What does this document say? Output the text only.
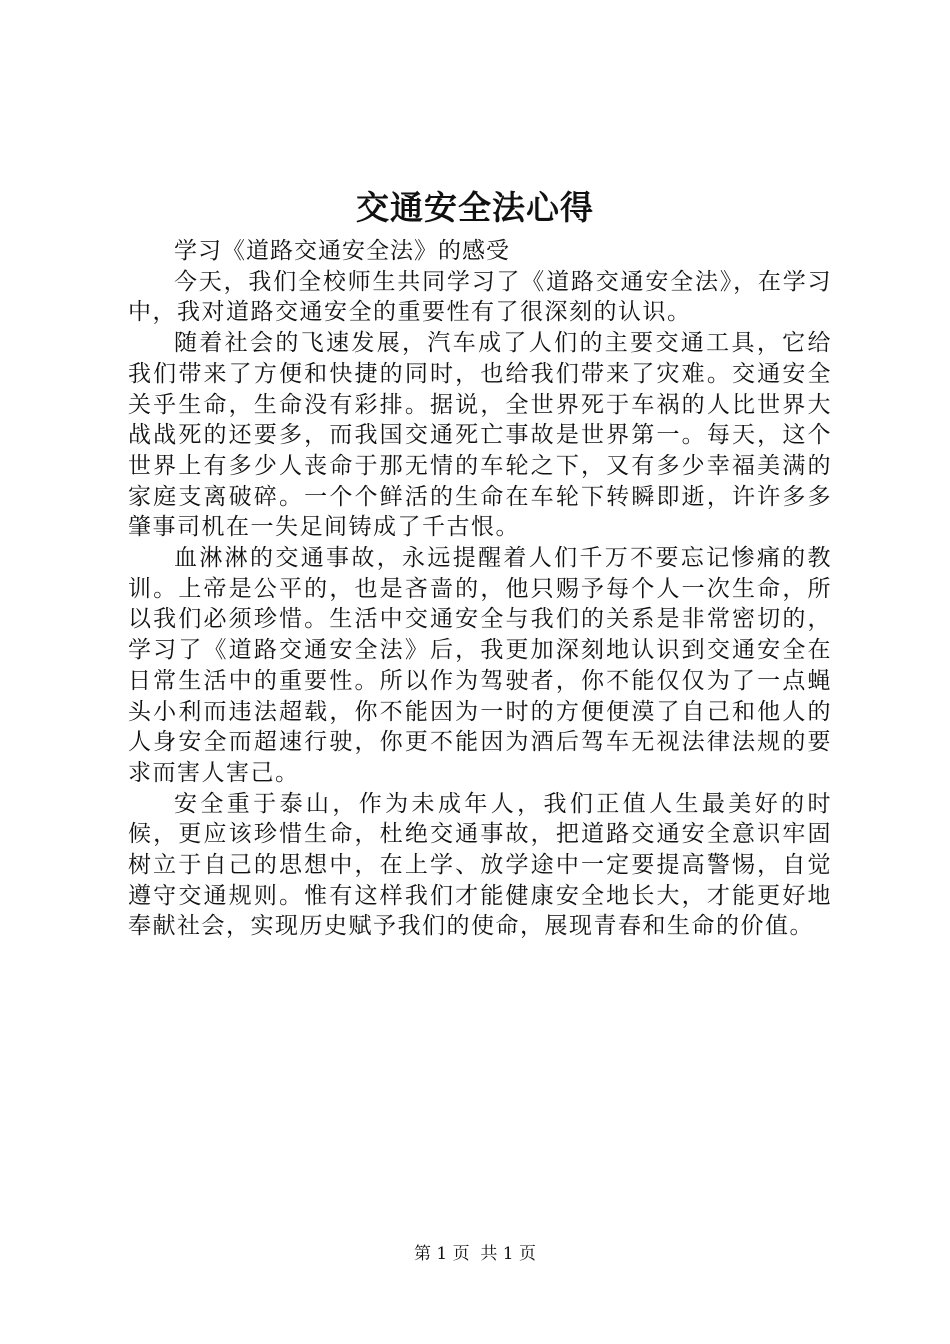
交通安全法心得

学习《道路交通安全法》的感受

今天，我们全校师生共同学习了《道路交通安全法》，在学习中，我对道路交通安全的重要性有了很深刻的认识。

随着社会的飞速发展，汽车成了人们的主要交通工具，它给我们带来了方便和快捷的同时，也给我们带来了灾难。交通安全关乎生命，生命没有彩排。据说，全世界死于车祸的人比世界大战战死的还要多，而我国交通死亡事故是世界第一。每天，这个世界上有多少人丧命于那无情的车轮之下，又有多少幸福美满的家庭支离破碎。一个个鲜活的生命在车轮下转瞬即逝，许许多多肇事司机在一失足间铸成了千古恨。

血淋淋的交通事故，永远提醒着人们千万不要忘记惨痛的教训。上帝是公平的，也是吝啬的，他只赐予每个人一次生命，所以我们必须珍惜。生活中交通安全与我们的关系是非常密切的，学习了《道路交通安全法》后，我更加深刻地认识到交通安全在日常生活中的重要性。所以作为驾驶者，你不能仅仅为了一点蝇头小利而违法超载，你不能因为一时的方便便漠了自己和他人的人身安全而超速行驶，你更不能因为酒后驾车无视法律法规的要求而害人害己。

安全重于泰山，作为未成年人，我们正值人生最美好的时候，更应该珍惜生命，杜绝交通事故，把道路交通安全意识牢固树立于自己的思想中，在上学、放学途中一定要提高警惕，自觉遵守交通规则。惟有这样我们才能健康安全地长大，才能更好地奉献社会，实现历史赋予我们的使命，展现青春和生命的价值。

第 1 页  共 1 页
